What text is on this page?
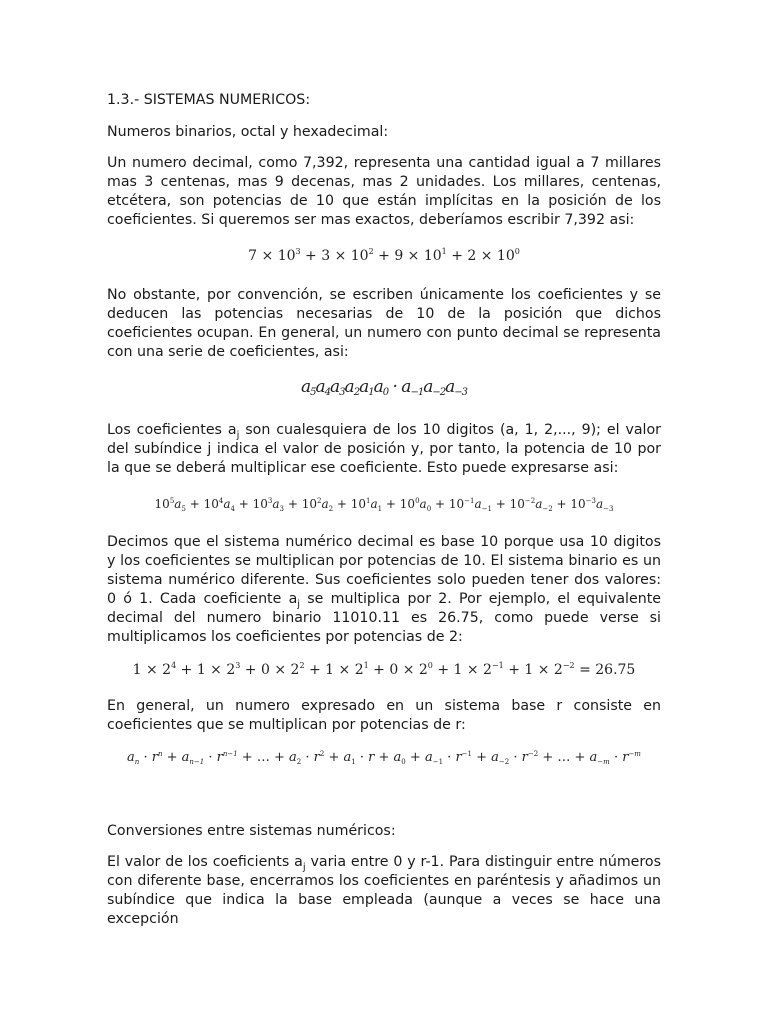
1.3.- SISTEMAS NUMERICOS:

Numeros binarios, octal y hexadecimal:

Un numero decimal, como 7,392, representa una cantidad igual a 7 millares mas 3 centenas, mas 9 decenas, mas 2 unidades. Los millares, centenas, etcétera, son potencias de 10 que están implícitas en la posición de los coeficientes. Si queremos ser mas exactos, deberíamos escribir 7,392 asi:

$7 \times 10^3 + 3 \times 10^2 + 9 \times 10^1 + 2 \times 10^0$

No obstante, por convención, se escriben únicamente los coeficientes y se deducen las potencias necesarias de 10 de la posición que dichos coeficientes ocupan. En general, un numero con punto decimal se representa con una serie de coeficientes, asi:

$a_5a_4a_3a_2a_1a_0 \cdot a_{-1}a_{-2}a_{-3}$

Los coeficientes $a_j$ son cualesquiera de los 10 digitos (a, 1, 2,..., 9); el valor del subíndice j indica el valor de posición y, por tanto, la potencia de 10 por la que se deberá multiplicar ese coeficiente. Esto puede expresarse asi:

$10^5a_5 + 10^4a_4 + 10^3a_3 + 10^2a_2 + 10^1a_1 + 10^0a_0 + 10^{-1}a_{-1} + 10^{-2}a_{-2} + 10^{-3}a_{-3}$

Decimos que el sistema numérico decimal es base 10 porque usa 10 digitos y los coeficientes se multiplican por potencias de 10. El sistema binario es un sistema numérico diferente. Sus coeficientes solo pueden tener dos valores: 0 ó 1. Cada coeficiente $a_j$ se multiplica por 2. Por ejemplo, el equivalente decimal del numero binario 11010.11 es 26.75, como puede verse si multiplicamos los coeficientes por potencias de 2:

$1 \times 2^4 + 1 \times 2^3 + 0 \times 2^2 + 1 \times 2^1 + 0 \times 2^0 + 1 \times 2^{-1} + 1 \times 2^{-2} = 26.75$

En general, un numero expresado en un sistema base r consiste en coeficientes que se multiplican por potencias de r:

$a_n \cdot r^n + a_{n-1} \cdot r^{n-1}$ + … + $a_2 \cdot r^2 + a_1 \cdot r + a_0 + a_{-1} \cdot r^{-1} + a_{-2} \cdot r^{-2}$ + … + $a_{-m} \cdot r^{-m}$

Conversiones entre sistemas numéricos:

El valor de los coeficients $a_j$ varia entre 0 y r-1. Para distinguir entre números con diferente base, encerramos los coeficientes en paréntesis y añadimos un subíndice que indica la base empleada (aunque a veces se hace una excepción
